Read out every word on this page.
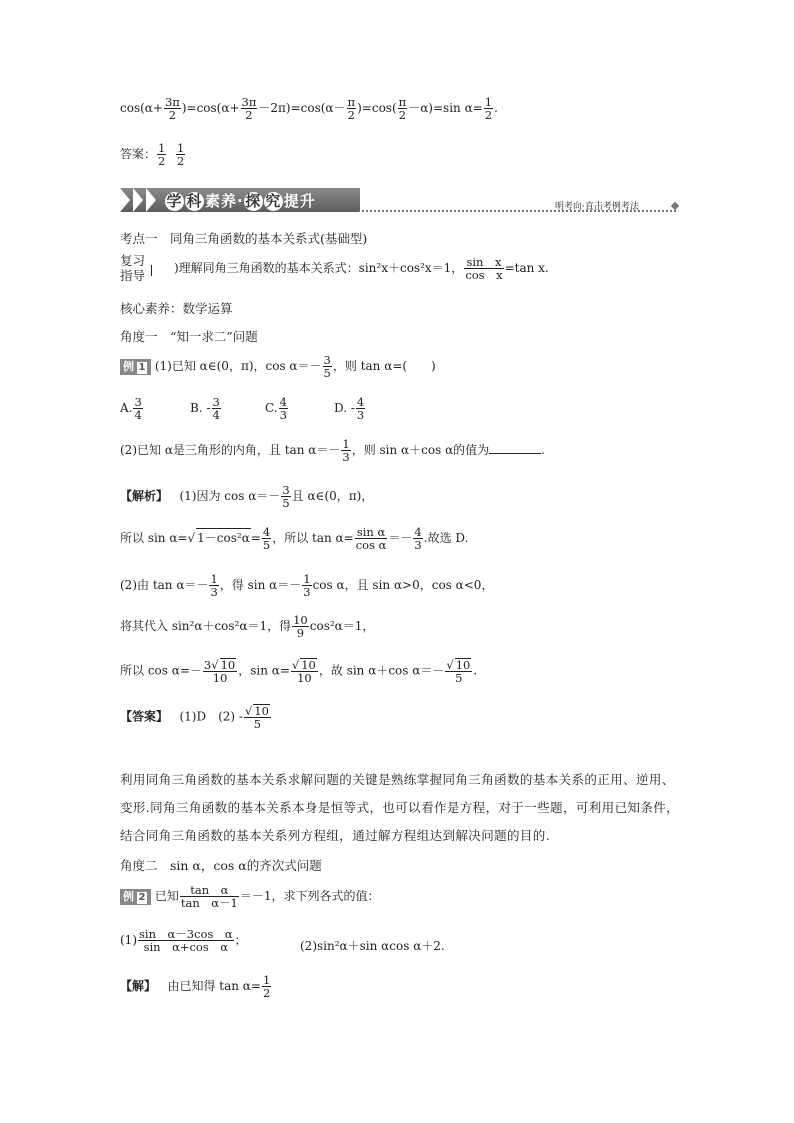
$\cos(\alpha+ \frac{3\pi}{2} )=\cos(\alpha+ \frac{3\pi}{2} -2\pi)=\cos(\alpha- \frac{\pi}{2} )=\cos( \frac{\pi}{2} -\alpha)=\sin$ $\alpha= \frac{1}{2}$ .
答案： $\frac{1}{2}$
$\frac{1}{2}$
学 科 素养·探 究 提升	明考向·直击考例考法
考点一　同角三角函数的基本关系式(基础型)
复习
指导 )理解同角三角函数的基本关系式：sin²x＋cos²x＝1， $\frac{\text{sin　x}}{\text{cos　x}} =\tan$ x.
核心素养：数学运算
角度一　“知一求二”问题
例 1 (1)已知 α∈(0，π)，$\cos \alpha=- \frac{3}{5}$ ，则 tan α=(　　)
A. $\frac{3}{4}$	B. - $\frac{3}{4}$	C. $\frac{4}{3}$	D. - $\frac{4}{3}$
(2)已知 α是三角形的内角，且 $\tan \alpha=- \frac{1}{3}$ ，则 sin α＋cos α的值为	.
【解析】 (1)因为 $\cos \alpha=- \frac{3}{5}$ 且 α∈(0，π)，
所以 sin α=√ $1-\cos^2\alpha= \frac{4}{5}$ ，所以 $\tan \alpha= \frac{\text{sin α}}{\text{cos α}} =- \frac{4}{3}$ .故选 D.
(2)由 $\tan \alpha=- \frac{1}{3}$ ，得 $\sin \alpha=- \frac{1}{3}$ cos α，且 sin α>0，cos α<0，
将其代入 sin²α＋cos²α＝1，得 $\frac{10}{9} \cos^2\alpha=1$，
所以 $\cos \alpha=- \frac{3√ 10}{10}$ ，$\sin \alpha= \frac{√ 10}{10}$ ，故 sin α＋cos $\alpha=- \frac{√ 10}{5}$ .
【答案】 (1)D　$(2) - \frac{√ 10}{5}$
利用同角三角函数的基本关系求解问题的关键是熟练掌握同角三角函数的基本关系的正用、逆用、变形.同角三角函数的基本关系本身是恒等式，也可以看作是方程，对于一些题，可利用已知条件，结合同角三角函数的基本关系列方程组，通过解方程组达到解决问题的目的.
角度二　sin α，cos α的齐次式问题
例 2 已知 $\frac{\text{tan　α}}{\text{tan　α－1}} =-1$，求下列各式的值：
$(1) \frac{\text{sin　α－3cos　α}}{\text{sin　α+cos　α}}$ ；	(2)sin²α＋sin αcos α＋2.
【解】 由已知得 $\tan \alpha= \frac{1}{2}$
